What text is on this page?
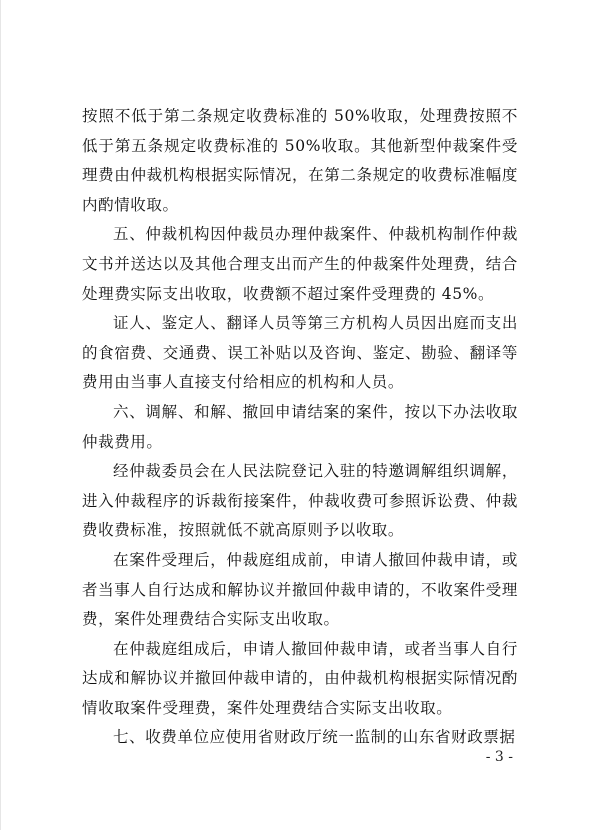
按照不低于第二条规定收费标准的 50%收取，处理费按照不低于第五条规定收费标准的 50%收取。其他新型仲裁案件受理费由仲裁机构根据实际情况，在第二条规定的收费标准幅度内酌情收取。

五、仲裁机构因仲裁员办理仲裁案件、仲裁机构制作仲裁文书并送达以及其他合理支出而产生的仲裁案件处理费，结合处理费实际支出收取，收费额不超过案件受理费的 45%。

证人、鉴定人、翻译人员等第三方机构人员因出庭而支出的食宿费、交通费、误工补贴以及咨询、鉴定、勘验、翻译等费用由当事人直接支付给相应的机构和人员。

六、调解、和解、撤回申请结案的案件，按以下办法收取仲裁费用。

经仲裁委员会在人民法院登记入驻的特邀调解组织调解，进入仲裁程序的诉裁衔接案件，仲裁收费可参照诉讼费、仲裁费收费标准，按照就低不就高原则予以收取。

在案件受理后，仲裁庭组成前，申请人撤回仲裁申请，或者当事人自行达成和解协议并撤回仲裁申请的，不收案件受理费，案件处理费结合实际支出收取。

在仲裁庭组成后，申请人撤回仲裁申请，或者当事人自行达成和解协议并撤回仲裁申请的，由仲裁机构根据实际情况酌情收取案件受理费，案件处理费结合实际支出收取。

七、收费单位应使用省财政厅统一监制的山东省财政票据

- 3 -
